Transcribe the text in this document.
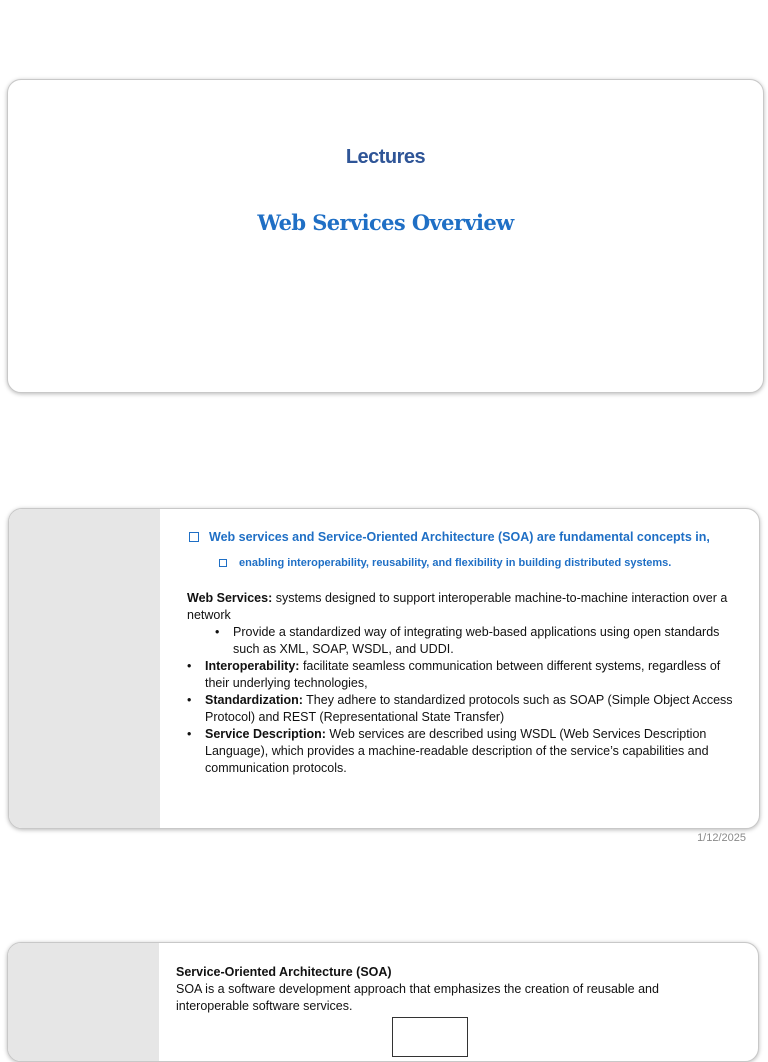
Lectures
Web Services Overview
Web services and Service-Oriented Architecture (SOA) are fundamental concepts in,
enabling interoperability, reusability, and flexibility in building distributed systems.

Web Services: systems designed to support interoperable machine-to-machine interaction over a network

• Provide a standardized way of integrating web-based applications using open standards such as XML, SOAP, WSDL, and UDDI.
• Interoperability: facilitate seamless communication between different systems, regardless of their underlying technologies,
• Standardization: They adhere to standardized protocols such as SOAP (Simple Object Access Protocol) and REST (Representational State Transfer)
• Service Description: Web services are described using WSDL (Web Services Description Language), which provides a machine-readable description of the service’s capabilities and communication protocols.
1/12/2025

Service-Oriented Architecture (SOA)

SOA is a software development approach that emphasizes the creation of reusable and interoperable software services.
